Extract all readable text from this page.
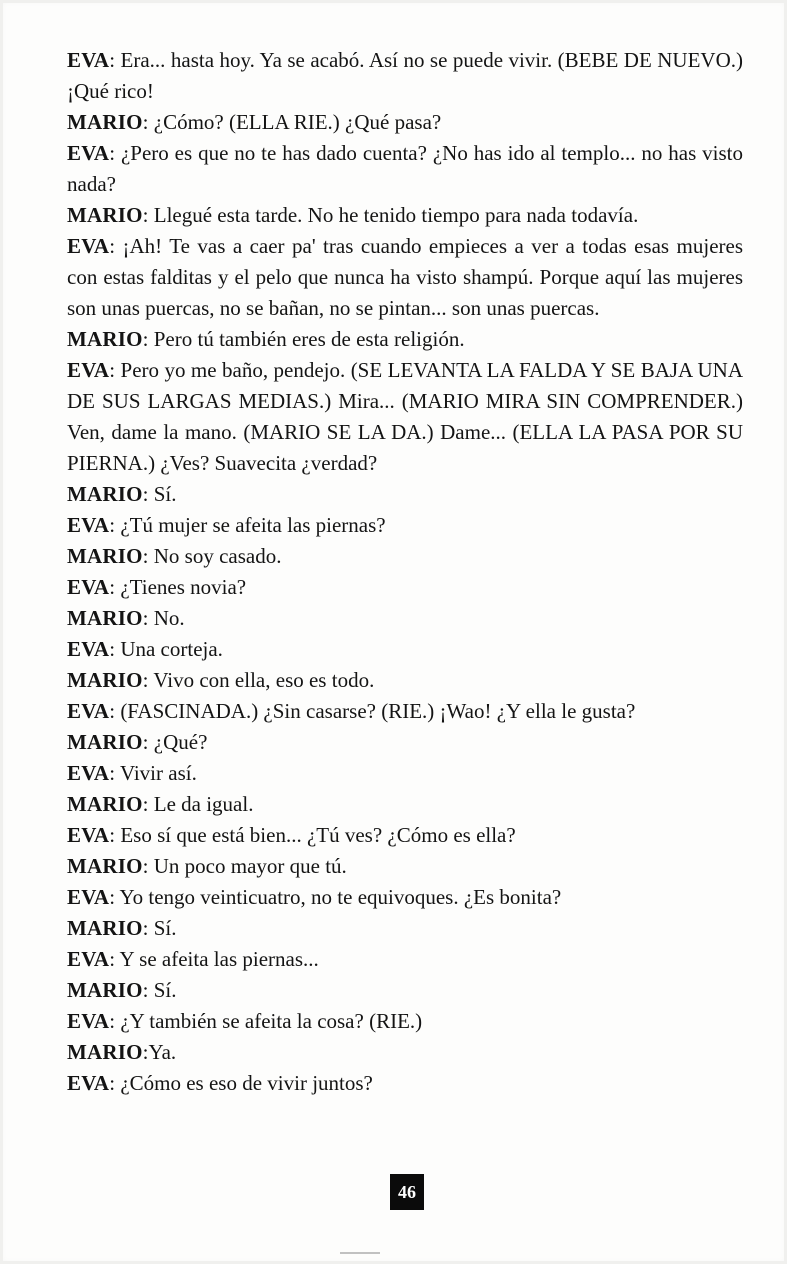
EVA: Era... hasta hoy. Ya se acabó. Así no se puede vivir. (BEBE DE NUEVO.) ¡Qué rico!

MARIO: ¿Cómo? (ELLA RIE.) ¿Qué pasa?

EVA: ¿Pero es que no te has dado cuenta? ¿No has ido al templo... no has visto nada?

MARIO: Llegué esta tarde. No he tenido tiempo para nada todavía.

EVA: ¡Ah! Te vas a caer pa' tras cuando empieces a ver a todas esas mujeres con estas falditas y el pelo que nunca ha visto shampú. Porque aquí las mujeres son unas puercas, no se bañan, no se pintan... son unas puercas.

MARIO: Pero tú también eres de esta religión.

EVA: Pero yo me baño, pendejo. (SE LEVANTA LA FALDA Y SE BAJA UNA DE SUS LARGAS MEDIAS.) Mira... (MARIO MIRA SIN COMPRENDER.) Ven, dame la mano. (MARIO SE LA DA.) Dame... (ELLA LA PASA POR SU PIERNA.) ¿Ves? Suavecita ¿verdad?

MARIO: Sí.

EVA: ¿Tú mujer se afeita las piernas?

MARIO: No soy casado.

EVA: ¿Tienes novia?

MARIO: No.

EVA: Una corteja.

MARIO: Vivo con ella, eso es todo.

EVA: (FASCINADA.) ¿Sin casarse? (RIE.) ¡Wao! ¿Y ella le gusta?

MARIO: ¿Qué?

EVA: Vivir así.

MARIO: Le da igual.

EVA: Eso sí que está bien... ¿Tú ves? ¿Cómo es ella?

MARIO: Un poco mayor que tú.

EVA: Yo tengo veinticuatro, no te equivoques. ¿Es bonita?

MARIO: Sí.

EVA: Y se afeita las piernas...

MARIO: Sí.

EVA: ¿Y también se afeita la cosa? (RIE.)

MARIO:Ya.

EVA: ¿Cómo es eso de vivir juntos?

46
